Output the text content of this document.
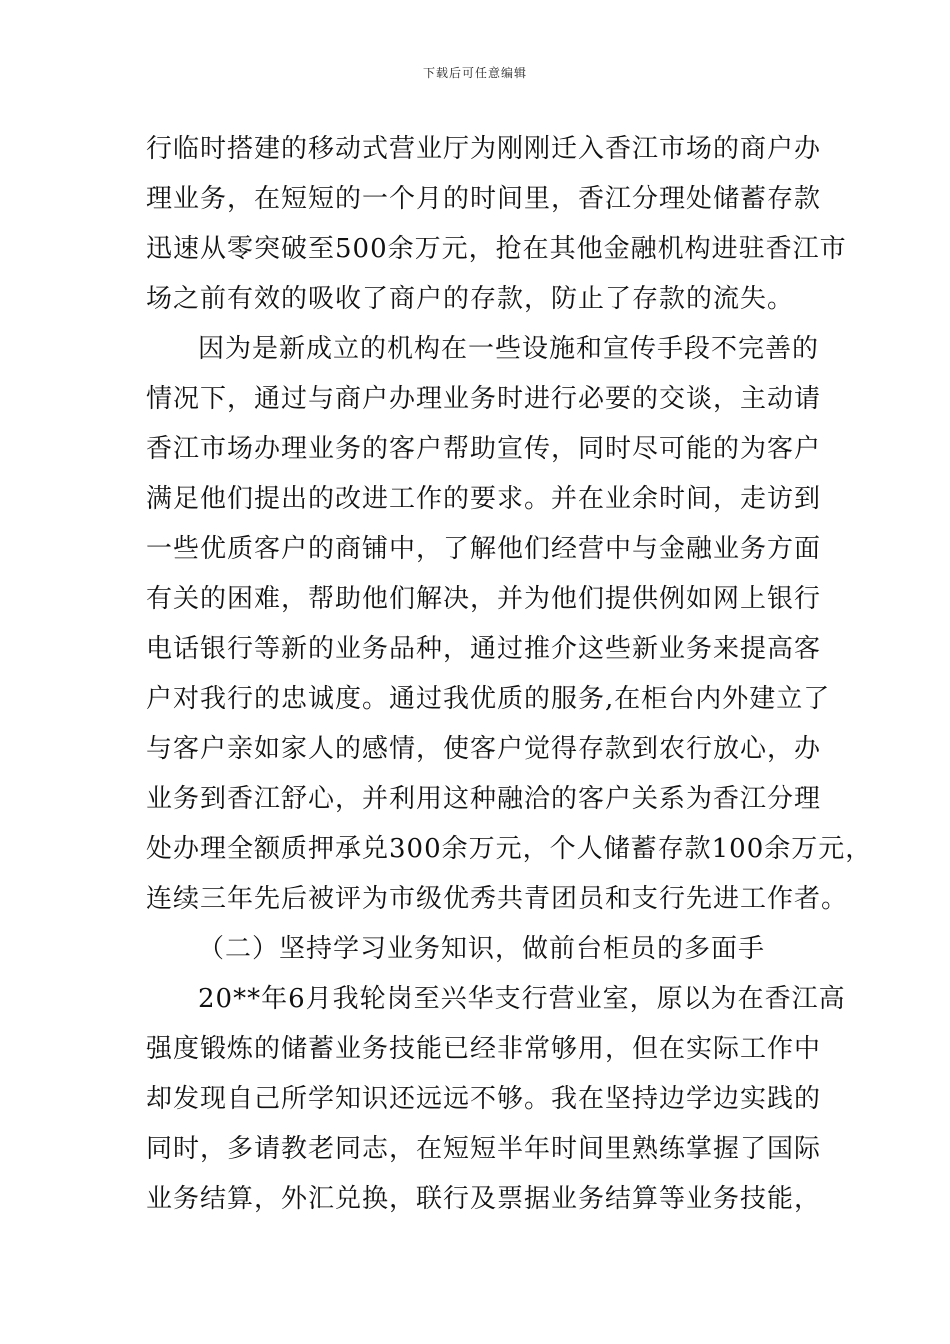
下载后可任意编辑
行临时搭建的移动式营业厅为刚刚迁入香江市场的商户办
理业务，在短短的一个月的时间里，香江分理处储蓄存款
迅速从零突破至500余万元，抢在其他金融机构进驻香江市
场之前有效的吸收了商户的存款，防止了存款的流失。
因为是新成立的机构在一些设施和宣传手段不完善的
情况下，通过与商户办理业务时进行必要的交谈，主动请
香江市场办理业务的客户帮助宣传，同时尽可能的为客户
满足他们提出的改进工作的要求。并在业余时间，走访到
一些优质客户的商铺中，了解他们经营中与金融业务方面
有关的困难，帮助他们解决，并为他们提供例如网上银行
电话银行等新的业务品种，通过推介这些新业务来提高客
户对我行的忠诚度。通过我优质的服务,在柜台内外建立了
与客户亲如家人的感情，使客户觉得存款到农行放心，办
业务到香江舒心，并利用这种融洽的客户关系为香江分理
处办理全额质押承兑300余万元，个人储蓄存款100余万元，
连续三年先后被评为市级优秀共青团员和支行先进工作者。
（二）坚持学习业务知识，做前台柜员的多面手
20**年6月我轮岗至兴华支行营业室，原以为在香江高
强度锻炼的储蓄业务技能已经非常够用，但在实际工作中
却发现自己所学知识还远远不够。我在坚持边学边实践的
同时，多请教老同志，在短短半年时间里熟练掌握了国际
业务结算，外汇兑换，联行及票据业务结算等业务技能，
